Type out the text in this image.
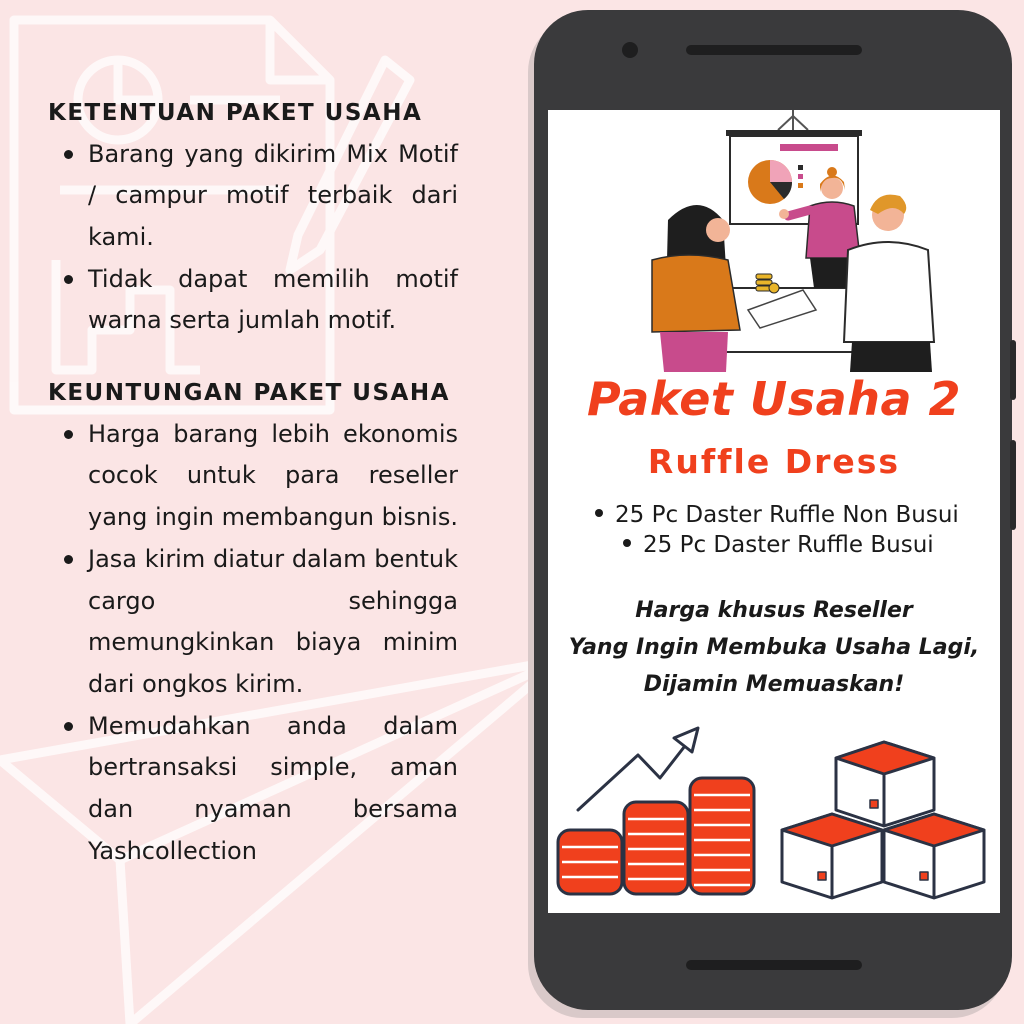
KETENTUAN PAKET USAHA
Barang yang dikirim Mix Motif / campur motif terbaik dari kami.
Tidak dapat memilih motif warna serta jumlah motif.
KEUNTUNGAN PAKET USAHA
Harga barang lebih ekonomis cocok untuk para reseller yang ingin membangun bisnis.
Jasa kirim diatur dalam bentuk cargo sehingga memungkinkan biaya minim dari ongkos kirim.
Memudahkan anda dalam bertransaksi simple, aman dan nyaman bersama Yashcollection
Paket Usaha 2
Ruffle Dress
25 Pc Daster Ruffle Non Busui
25 Pc Daster Ruffle Busui
Harga khusus Reseller
Yang Ingin Membuka Usaha Lagi,
Dijamin Memuaskan!
